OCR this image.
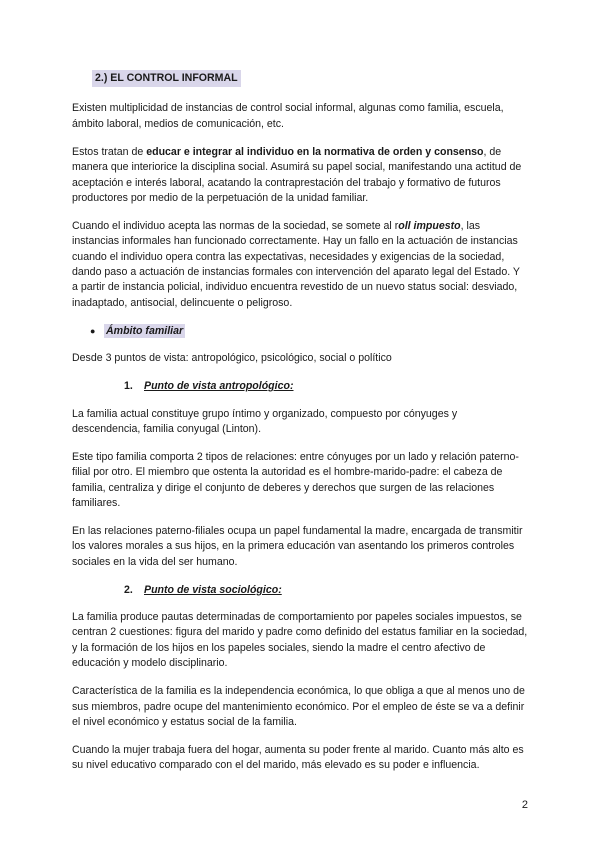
2.) EL CONTROL INFORMAL

Existen multiplicidad de instancias de control social informal, algunas como familia, escuela, ámbito laboral, medios de comunicación, etc.

Estos tratan de educar e integrar al individuo en la normativa de orden y consenso, de manera que interiorice la disciplina social. Asumirá su papel social, manifestando una actitud de aceptación e interés laboral, acatando la contraprestación del trabajo y formativo de futuros productores por medio de la perpetuación de la unidad familiar.

Cuando el individuo acepta las normas de la sociedad, se somete al roll impuesto, las instancias informales han funcionado correctamente. Hay un fallo en la actuación de instancias cuando el individuo opera contra las expectativas, necesidades y exigencias de la sociedad, dando paso a actuación de instancias formales con intervención del aparato legal del Estado. Y a partir de instancia policial, individuo encuentra revestido de un nuevo status social: desviado, inadaptado, antisocial, delincuente o peligroso.

● Ámbito familiar

Desde 3 puntos de vista: antropológico, psicológico, social o político

1. Punto de vista antropológico:

La familia actual constituye grupo íntimo y organizado, compuesto por cónyuges y descendencia, familia conyugal (Linton).

Este tipo familia comporta 2 tipos de relaciones: entre cónyuges por un lado y relación paterno-filial por otro. El miembro que ostenta la autoridad es el hombre-marido-padre: el cabeza de familia, centraliza y dirige el conjunto de deberes y derechos que surgen de las relaciones familiares.

En las relaciones paterno-filiales ocupa un papel fundamental la madre, encargada de transmitir los valores morales a sus hijos, en la primera educación van asentando los primeros controles sociales en la vida del ser humano.

2. Punto de vista sociológico:

La familia produce pautas determinadas de comportamiento por papeles sociales impuestos, se centran 2 cuestiones: figura del marido y padre como definido del estatus familiar en la sociedad, y la formación de los hijos en los papeles sociales, siendo la madre el centro afectivo de educación y modelo disciplinario.

Característica de la familia es la independencia económica, lo que obliga a que al menos uno de sus miembros, padre ocupe del mantenimiento económico. Por el empleo de éste se va a definir el nivel económico y estatus social de la familia.

Cuando la mujer trabaja fuera del hogar, aumenta su poder frente al marido. Cuanto más alto es su nivel educativo comparado con el del marido, más elevado es su poder e influencia.

2
